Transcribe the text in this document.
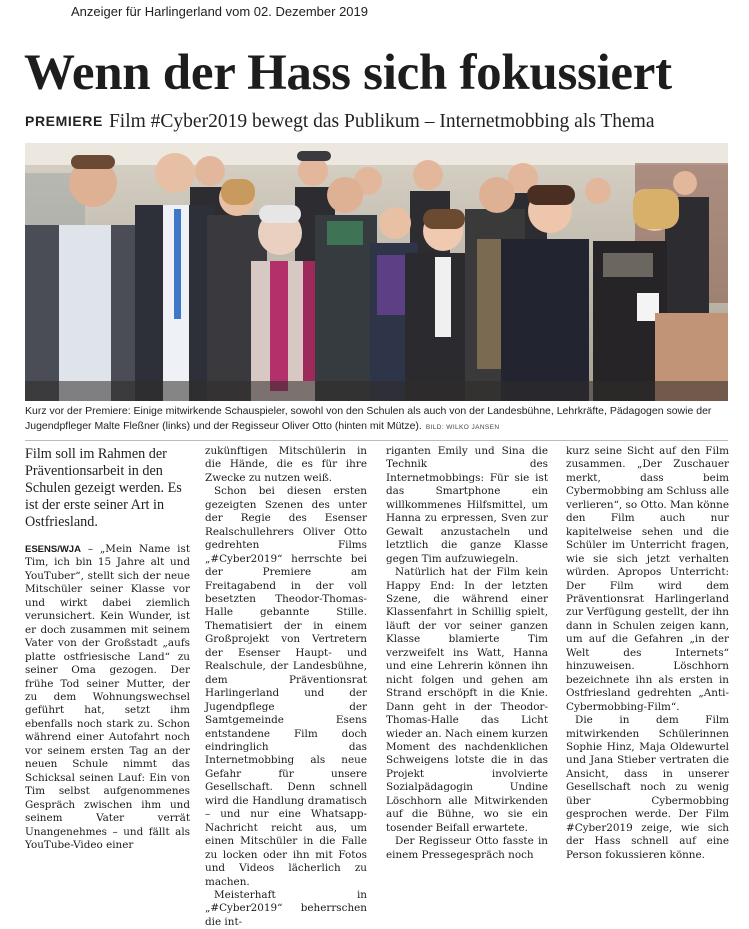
Anzeiger für Harlingerland vom 02. Dezember 2019
Wenn der Hass sich fokussiert
PREMIERE Film #Cyber2019 bewegt das Publikum – Internetmobbing als Thema
Kurz vor der Premiere: Einige mitwirkende Schauspieler, sowohl von den Schulen als auch von der Landesbühne, Lehrkräfte, Pädagogen sowie der Jugendpfleger Malte Fleßner (links) und der Regisseur Oliver Otto (hinten mit Mütze). BILD: WILKO JANSEN
Film soll im Rahmen der Präventionsarbeit in den Schulen gezeigt werden. Es ist der erste seiner Art in Ostfriesland.

ESENS/WJA – „Mein Name ist Tim, ich bin 15 Jahre alt und YouTuber“, stellt sich der neue Mitschüler seiner Klasse vor und wirkt dabei ziemlich verunsichert. Kein Wunder, ist er doch zusammen mit seinem Vater von der Großstadt „aufs platte ostfriesische Land“ zu seiner Oma gezogen. Der frühe Tod seiner Mutter, der zu dem Wohnungswechsel geführt hat, setzt ihm ebenfalls noch stark zu. Schon während einer Autofahrt noch vor seinem ersten Tag an der neuen Schule nimmt das Schicksal seinen Lauf: Ein von Tim selbst aufgenommenes Gespräch zwischen ihm und seinem Vater verrät Unangenehmes – und fällt als YouTube-Video einer

zukünftigen Mitschülerin in die Hände, die es für ihre Zwecke zu nutzen weiß.

Schon bei diesen ersten gezeigten Szenen des unter der Regie des Esenser Realschullehrers Oliver Otto gedrehten Films „#Cyber2019“ herrschte bei der Premiere am Freitagabend in der voll besetzten Theodor-Thomas-Halle gebannte Stille. Thematisiert der in einem Großprojekt von Vertretern der Esenser Haupt- und Realschule, der Landesbühne, dem Präventionsrat Harlingerland und der Jugendpflege der Samtgemeinde Esens entstandene Film doch eindringlich das Internetmobbing als neue Gefahr für unsere Gesellschaft. Denn schnell wird die Handlung dramatisch – und nur eine Whatsapp-Nachricht reicht aus, um einen Mitschüler in die Falle zu locken oder ihn mit Fotos und Videos lächerlich zu machen.

Meisterhaft in „#Cyber2019“ beherrschen die int-

riganten Emily und Sina die Technik des Internetmobbings: Für sie ist das Smartphone ein willkommenes Hilfsmittel, um Hanna zu erpressen, Sven zur Gewalt anzustacheln und letztlich die ganze Klasse gegen Tim aufzuwiegeln.

Natürlich hat der Film kein Happy End: In der letzten Szene, die während einer Klassenfahrt in Schillig spielt, läuft der vor seiner ganzen Klasse blamierte Tim verzweifelt ins Watt, Hanna und eine Lehrerin können ihn nicht folgen und gehen am Strand erschöpft in die Knie. Dann geht in der Theodor-Thomas-Halle das Licht wieder an. Nach einem kurzen Moment des nachdenklichen Schweigens lotste die in das Projekt involvierte Sozialpädagogin Undine Löschhorn alle Mitwirkenden auf die Bühne, wo sie ein tosender Beifall erwartete.

Der Regisseur Otto fasste in einem Pressegespräch noch

kurz seine Sicht auf den Film zusammen. „Der Zuschauer merkt, dass beim Cybermobbing am Schluss alle verlieren“, so Otto. Man könne den Film auch nur kapitelweise sehen und die Schüler im Unterricht fragen, wie sie sich jetzt verhalten würden. Apropos Unterricht: Der Film wird dem Präventionsrat Harlingerland zur Verfügung gestellt, der ihn dann in Schulen zeigen kann, um auf die Gefahren „in der Welt des Internets“ hinzuweisen. Löschhorn bezeichnete ihn als ersten in Ostfriesland gedrehten „Anti-Cybermobbing-Film“.

Die in dem Film mitwirkenden Schülerinnen Sophie Hinz, Maja Oldewurtel und Jana Stieber vertraten die Ansicht, dass in unserer Gesellschaft noch zu wenig über Cybermobbing gesprochen werde. Der Film #Cyber2019 zeige, wie sich der Hass schnell auf eine Person fokussieren könne.
